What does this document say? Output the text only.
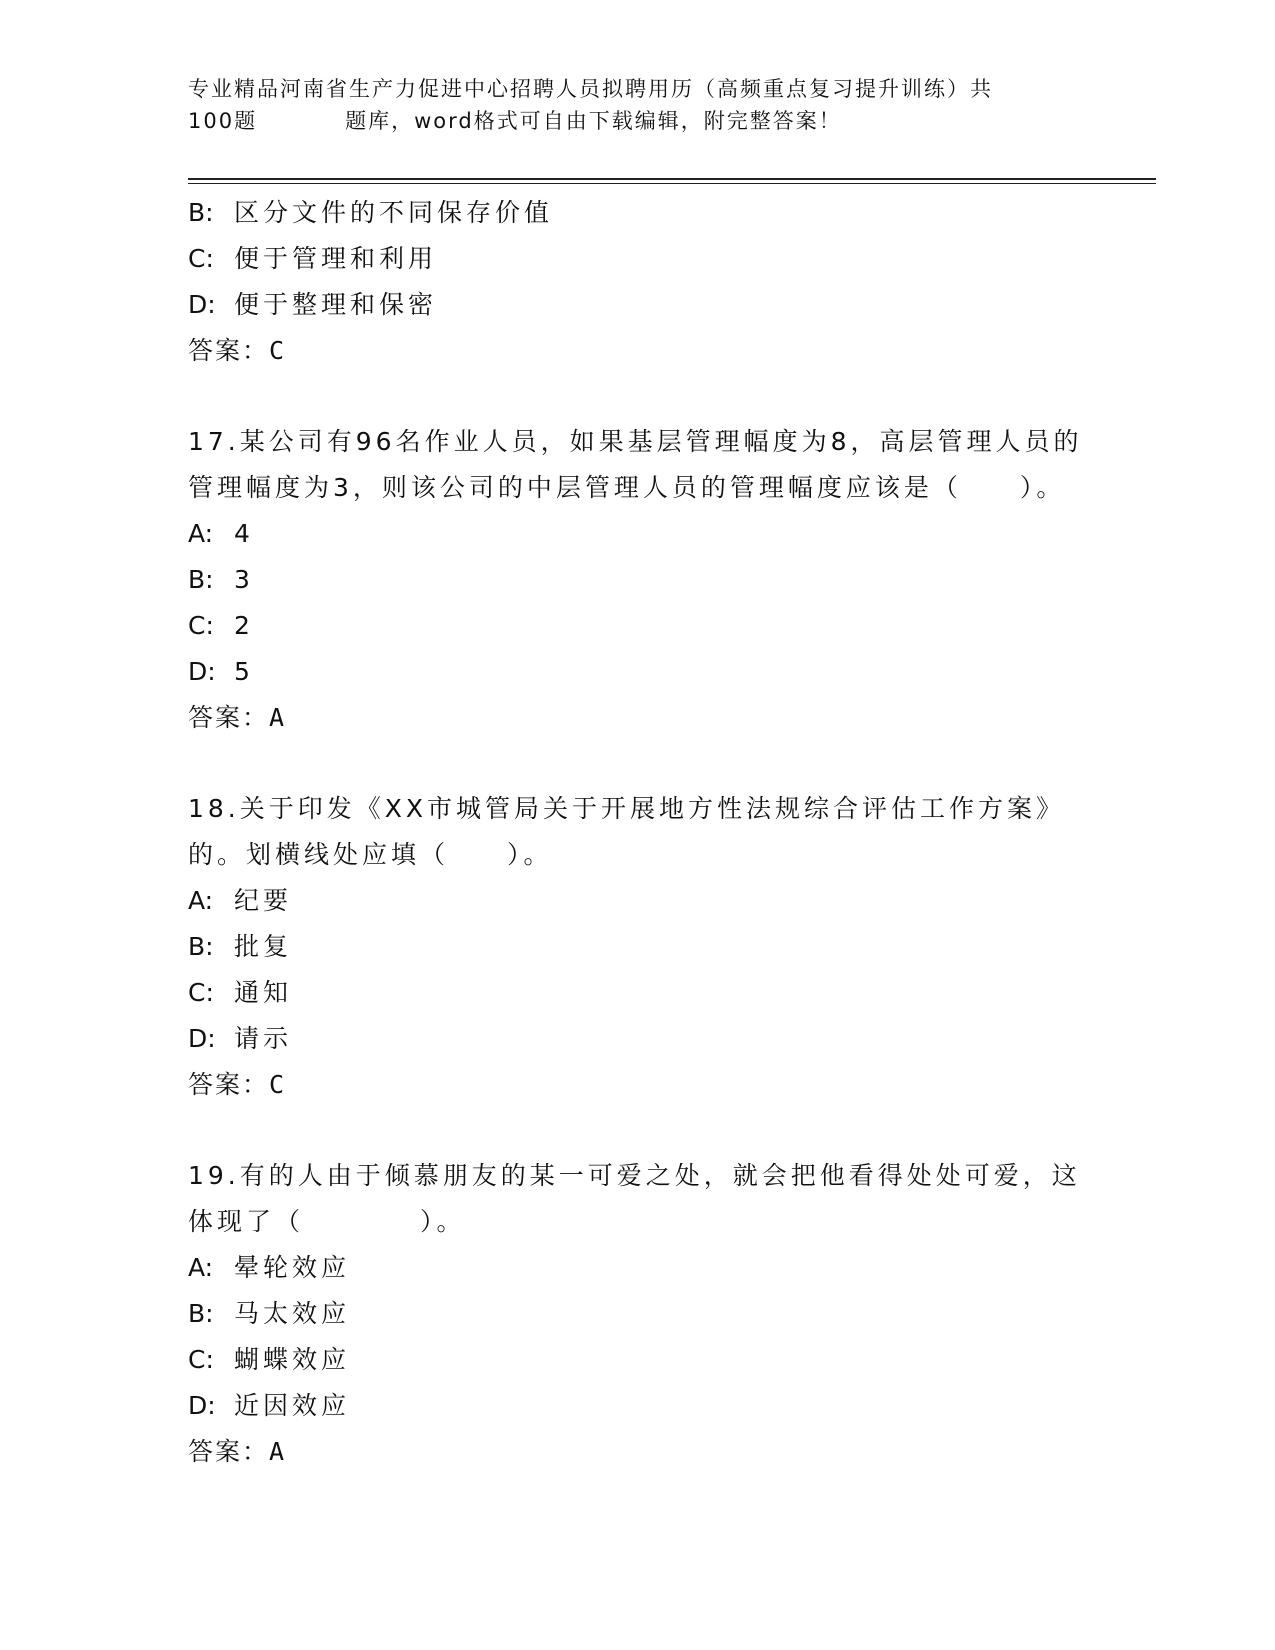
专业精品河南省生产力促进中心招聘人员拟聘用历（高频重点复习提升训练）共
100题	题库，word格式可自由下载编辑，附完整答案！
B: 区分文件的不同保存价值
C: 便于管理和利用
D: 便于整理和保密
答案：C
17.某公司有96名作业人员，如果基层管理幅度为8，高层管理人员的
管理幅度为3，则该公司的中层管理人员的管理幅度应该是（　　）。
A: 4
B: 3
C: 2
D: 5
答案：A
18.关于印发《XX市城管局关于开展地方性法规综合评估工作方案》
的。划横线处应填（　　）。
A: 纪要
B: 批复
C: 通知
D: 请示
答案：C
19.有的人由于倾慕朋友的某一可爱之处，就会把他看得处处可爱，这
体现了（　　　　）。
A: 晕轮效应
B: 马太效应
C: 蝴蝶效应
D: 近因效应
答案：A
